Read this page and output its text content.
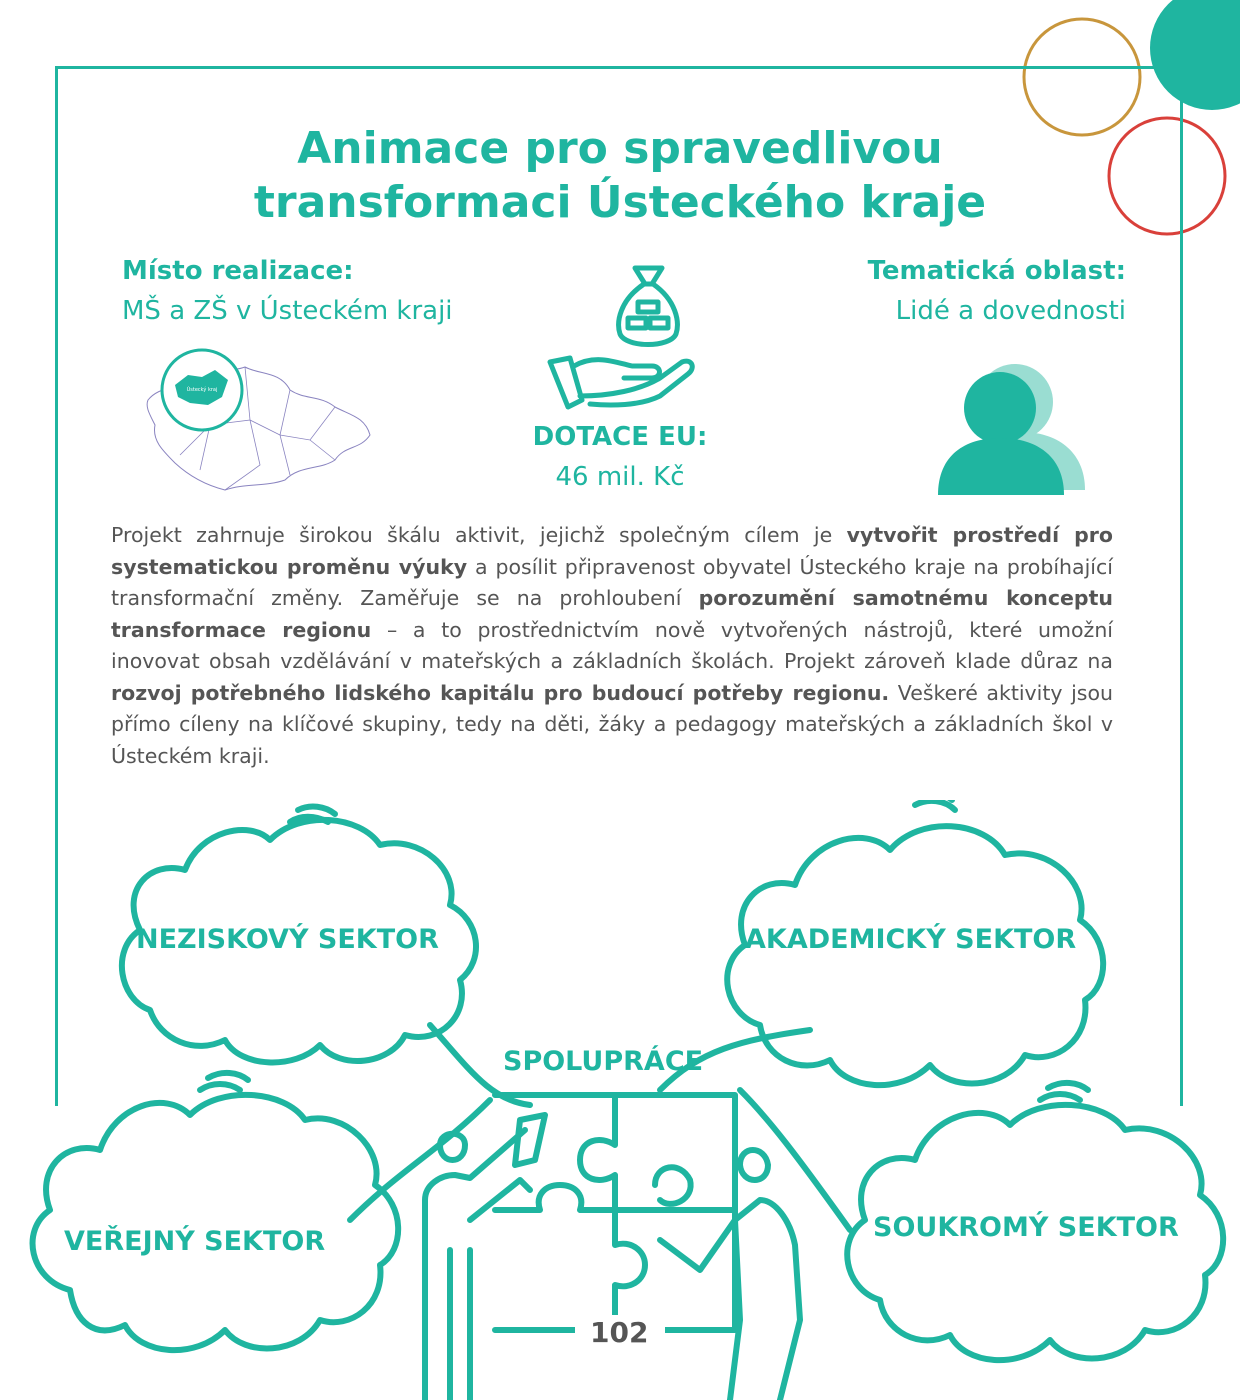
Animace pro spravedlivou
transformaci Ústeckého kraje
Místo realizace:
MŠ a ZŠ v Ústeckém kraji
Ústecký kraj
DOTACE EU:
46 mil. Kč
Tematická oblast:
Lidé a dovednosti
Projekt zahrnuje širokou škálu aktivit, jejichž společným cílem je vytvořit prostředí pro systematickou proměnu výuky a posílit připravenost obyvatel Ústeckého kraje na probíhající transformační změny. Zaměřuje se na prohloubení porozumění samotnému konceptu transformace regionu – a to prostřednictvím nově vytvořených nástrojů, které umožní inovovat obsah vzdělávání v mateřských a základních školách. Projekt zároveň klade důraz na rozvoj potřebného lidského kapitálu pro budoucí potřeby regionu. Veškeré aktivity jsou přímo cíleny na klíčové skupiny, tedy na děti, žáky a pedagogy mateřských a základních škol v Ústeckém kraji.
NEZISKOVÝ SEKTOR	AKADEMICKÝ SEKTOR
SPOLUPRÁCE
VEŘEJNÝ SEKTOR	SOUKROMÝ SEKTOR
102
